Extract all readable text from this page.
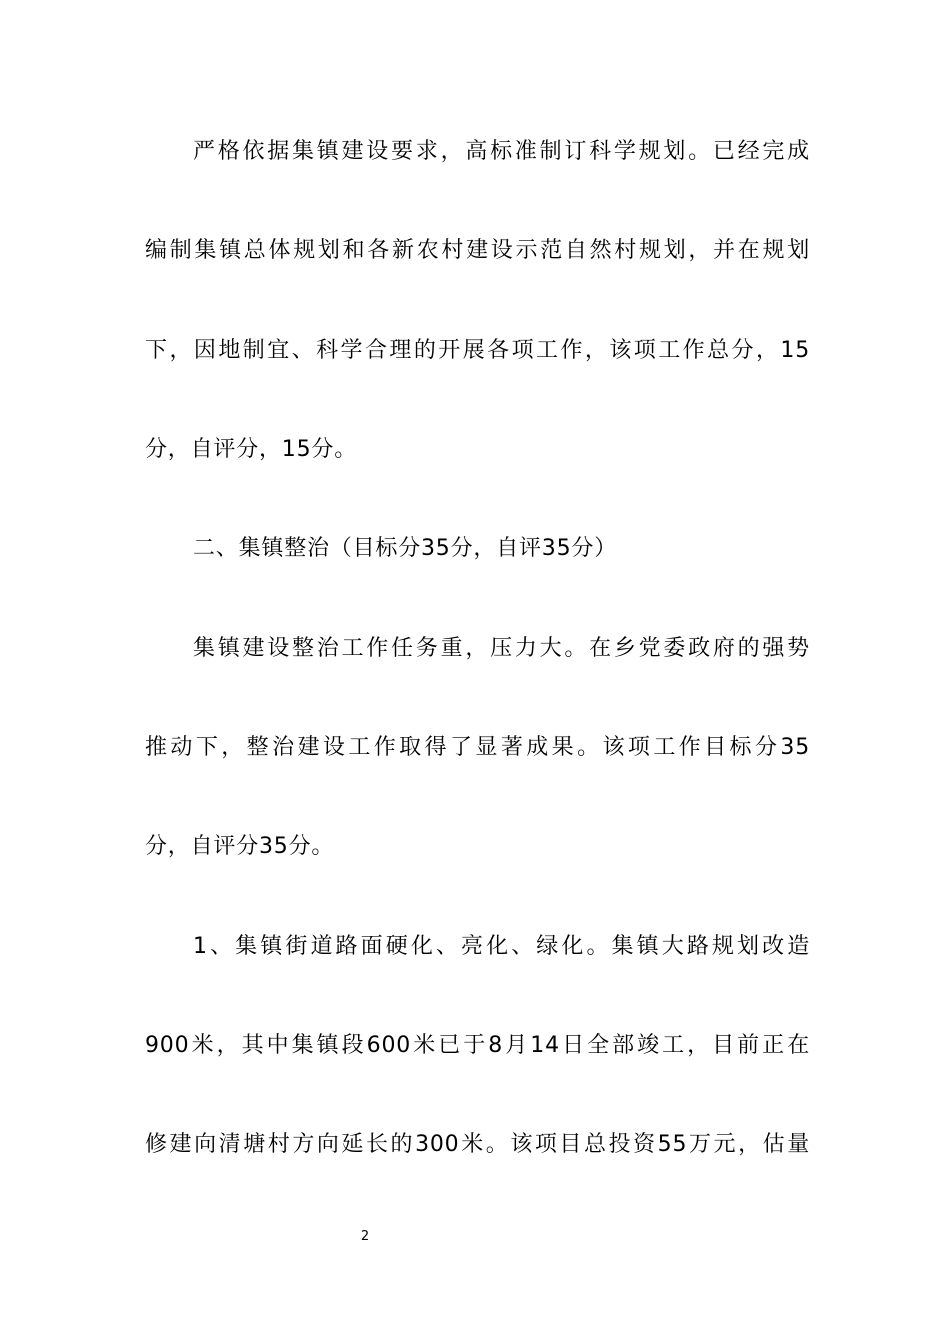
严格依据集镇建设要求，高标准制订科学规划。已经完成
编制集镇总体规划和各新农村建设示范自然村规划，并在规划
下，因地制宜、科学合理的开展各项工作，该项工作总分，15
分，自评分，15分。
二、集镇整治（目标分35分，自评35分）
集镇建设整治工作任务重，压力大。在乡党委政府的强势
推动下，整治建设工作取得了显著成果。该项工作目标分35
分，自评分35分。
1、集镇街道路面硬化、亮化、绿化。集镇大路规划改造
900米，其中集镇段600米已于8月14日全部竣工，目前正在
修建向清塘村方向延长的300米。该项目总投资55万元，估量
2
